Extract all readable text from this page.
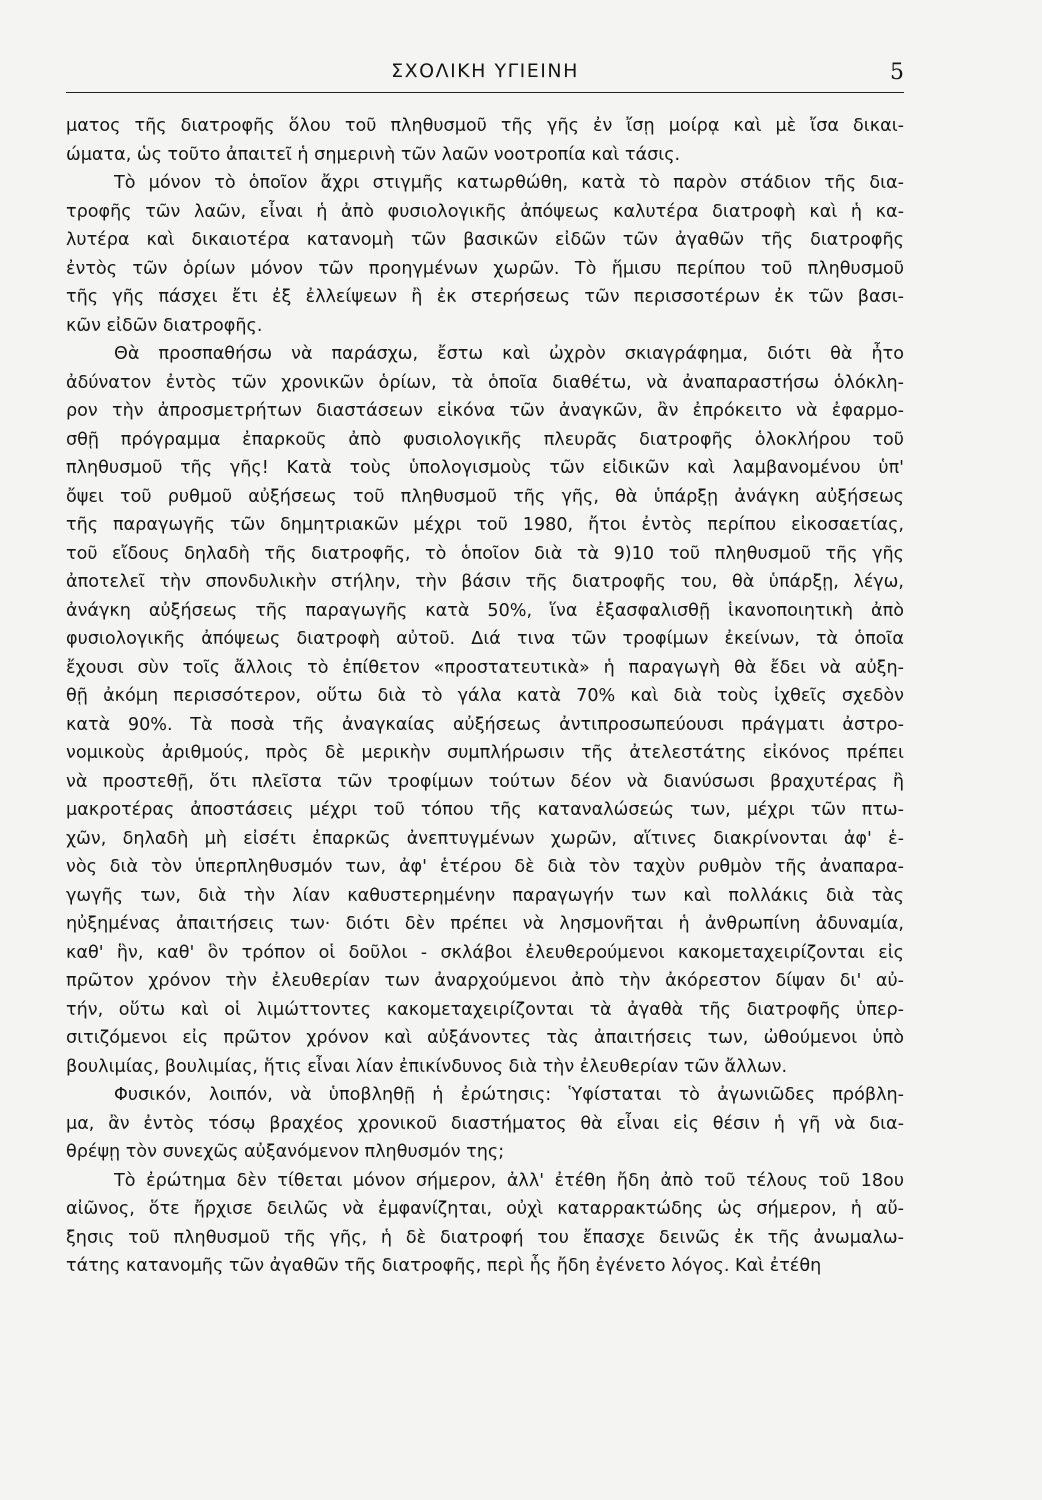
ΣΧΟΛΙΚΗ ΥΓΙΕΙΝΗ	5
ματος τῆς διατροφῆς ὅλου τοῦ πληθυσμοῦ τῆς γῆς ἐν ἴσῃ μοίρᾳ καὶ μὲ ἴσα δικαι-
ώματα, ὡς τοῦτο ἀπαιτεῖ ἡ σημερινὴ τῶν λαῶν νοοτροπία καὶ τάσις.
Τὸ μόνον τὸ ὁποῖον ἄχρι στιγμῆς κατωρθώθη, κατὰ τὸ παρὸν στάδιον τῆς δια-
τροφῆς τῶν λαῶν, εἶναι ἡ ἀπὸ φυσιολογικῆς ἀπόψεως καλυτέρα διατροφὴ καὶ ἡ κα-
λυτέρα καὶ δικαιοτέρα κατανομὴ τῶν βασικῶν εἰδῶν τῶν ἀγαθῶν τῆς διατροφῆς
ἐντὸς τῶν ὁρίων μόνον τῶν προηγμένων χωρῶν. Τὸ ἥμισυ περίπου τοῦ πληθυσμοῦ
τῆς γῆς πάσχει ἔτι ἐξ ἐλλείψεων ἢ ἐκ στερήσεως τῶν περισσοτέρων ἐκ τῶν βασι-
κῶν εἰδῶν διατροφῆς.
Θὰ προσπαθήσω νὰ παράσχω, ἔστω καὶ ὠχρὸν σκιαγράφημα, διότι θὰ ἦτο
ἀδύνατον ἐντὸς τῶν χρονικῶν ὁρίων, τὰ ὁποῖα διαθέτω, νὰ ἀναπαραστήσω ὁλόκλη-
ρον τὴν ἀπροσμετρήτων διαστάσεων εἰκόνα τῶν ἀναγκῶν, ἂν ἐπρόκειτο νὰ ἐφαρμο-
σθῇ πρόγραμμα ἐπαρκοῦς ἀπὸ φυσιολογικῆς πλευρᾶς διατροφῆς ὁλοκλήρου τοῦ
πληθυσμοῦ τῆς γῆς! Κατὰ τοὺς ὑπολογισμοὺς τῶν εἰδικῶν καὶ λαμβανομένου ὑπ'
ὄψει τοῦ ρυθμοῦ αὐξήσεως τοῦ πληθυσμοῦ τῆς γῆς, θὰ ὑπάρξῃ ἀνάγκη αὐξήσεως
τῆς παραγωγῆς τῶν δημητριακῶν μέχρι τοῦ 1980, ἤτοι ἐντὸς περίπου εἰκοσαετίας,
τοῦ εἴδους δηλαδὴ τῆς διατροφῆς, τὸ ὁποῖον διὰ τὰ 9)10 τοῦ πληθυσμοῦ τῆς γῆς
ἀποτελεῖ τὴν σπονδυλικὴν στήλην, τὴν βάσιν τῆς διατροφῆς του, θὰ ὑπάρξῃ, λέγω,
ἀνάγκη αὐξήσεως τῆς παραγωγῆς κατὰ 50%, ἵνα ἐξασφαλισθῇ ἱκανοποιητικὴ ἀπὸ
φυσιολογικῆς ἀπόψεως διατροφὴ αὐτοῦ. Διά τινα τῶν τροφίμων ἐκείνων, τὰ ὁποῖα
ἔχουσι σὺν τοῖς ἄλλοις τὸ ἐπίθετον «προστατευτικὰ» ἡ παραγωγὴ θὰ ἔδει νὰ αὐξη-
θῇ ἀκόμη περισσότερον, οὕτω διὰ τὸ γάλα κατὰ 70% καὶ διὰ τοὺς ἰχθεῖς σχεδὸν
κατὰ 90%. Τὰ ποσὰ τῆς ἀναγκαίας αὐξήσεως ἀντιπροσωπεύουσι πράγματι ἀστρο-
νομικοὺς ἀριθμούς, πρὸς δὲ μερικὴν συμπλήρωσιν τῆς ἀτελεστάτης εἰκόνος πρέπει
νὰ προστεθῇ, ὅτι πλεῖστα τῶν τροφίμων τούτων δέον νὰ διανύσωσι βραχυτέρας ἢ
μακροτέρας ἀποστάσεις μέχρι τοῦ τόπου τῆς καταναλώσεώς των, μέχρι τῶν πτω-
χῶν, δηλαδὴ μὴ εἰσέτι ἐπαρκῶς ἀνεπτυγμένων χωρῶν, αἵτινες διακρίνονται ἀφ' ἑ-
νὸς διὰ τὸν ὑπερπληθυσμόν των, ἀφ' ἑτέρου δὲ διὰ τὸν ταχὺν ρυθμὸν τῆς ἀναπαρα-
γωγῆς των, διὰ τὴν λίαν καθυστερημένην παραγωγήν των καὶ πολλάκις διὰ τὰς
ηὐξημένας ἀπαιτήσεις των· διότι δὲν πρέπει νὰ λησμονῆται ἡ ἀνθρωπίνη ἀδυναμία,
καθ' ἣν, καθ' ὃν τρόπον οἱ δοῦλοι - σκλάβοι ἐλευθερούμενοι κακομεταχειρίζονται εἰς
πρῶτον χρόνον τὴν ἐλευθερίαν των ἀναρχούμενοι ἀπὸ τὴν ἀκόρεστον δίψαν δι' αὐ-
τήν, οὕτω καὶ οἱ λιμώττοντες κακομεταχειρίζονται τὰ ἀγαθὰ τῆς διατροφῆς ὑπερ-
σιτιζόμενοι εἰς πρῶτον χρόνον καὶ αὐξάνοντες τὰς ἀπαιτήσεις των, ὠθούμενοι ὑπὸ
βουλιμίας, βουλιμίας, ἥτις εἶναι λίαν ἐπικίνδυνος διὰ τὴν ἐλευθερίαν τῶν ἄλλων.
Φυσικόν, λοιπόν, νὰ ὑποβληθῇ ἡ ἐρώτησις: Ὑφίσταται τὸ ἀγωνιῶδες πρόβλη-
μα, ἂν ἐντὸς τόσῳ βραχέος χρονικοῦ διαστήματος θὰ εἶναι εἰς θέσιν ἡ γῆ νὰ δια-
θρέψῃ τὸν συνεχῶς αὐξανόμενον πληθυσμόν της;
Τὸ ἐρώτημα δὲν τίθεται μόνον σήμερον, ἀλλ' ἐτέθη ἤδη ἀπὸ τοῦ τέλους τοῦ 18ου
αἰῶνος, ὅτε ἤρχισε δειλῶς νὰ ἐμφανίζηται, οὐχὶ καταρρακτώδης ὡς σήμερον, ἡ αὔ-
ξησις τοῦ πληθυσμοῦ τῆς γῆς, ἡ δὲ διατροφή του ἔπασχε δεινῶς ἐκ τῆς ἀνωμαλω-
τάτης κατανομῆς τῶν ἀγαθῶν τῆς διατροφῆς, περὶ ἧς ἤδη ἐγένετο λόγος. Καὶ ἐτέθη
